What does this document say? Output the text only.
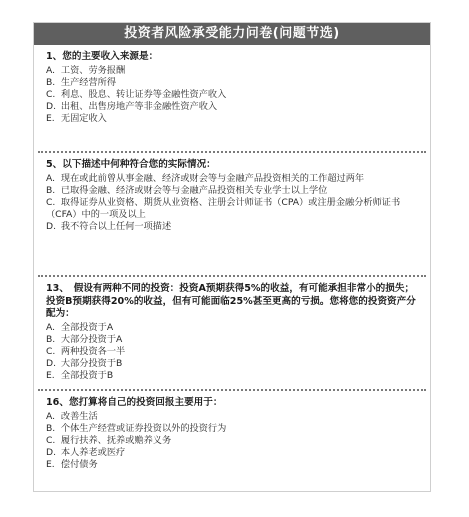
投资者风险承受能力问卷(问题节选)
1、您的主要收入来源是：
A. 工资、劳务报酬
B. 生产经营所得
C. 利息、股息、转让证券等金融性资产收入
D. 出租、出售房地产等非金融性资产收入
E. 无固定收入
5、以下描述中何种符合您的实际情况：
A. 现在或此前曾从事金融、经济或财会等与金融产品投资相关的工作超过两年
B. 已取得金融、经济或财会等与金融产品投资相关专业学士以上学位
C. 取得证券从业资格、期货从业资格、注册会计师证书（CPA）或注册金融分析师证书（CFA）中的一项及以上
D. 我不符合以上任何一项描述
13、　假设有两种不同的投资：投资A预期获得5%的收益，有可能承担非常小的损失；投资B预期获得20%的收益，但有可能面临25%甚至更高的亏损。您将您的投资资产分配为：
A. 全部投资于A
B. 大部分投资于A
C. 两种投资各一半
D. 大部分投资于B
E. 全部投资于B
16、您打算将自己的投资回报主要用于：
A. 改善生活
B. 个体生产经营或证券投资以外的投资行为
C. 履行扶养、抚养或赡养义务
D. 本人养老或医疗
E. 偿付债务
